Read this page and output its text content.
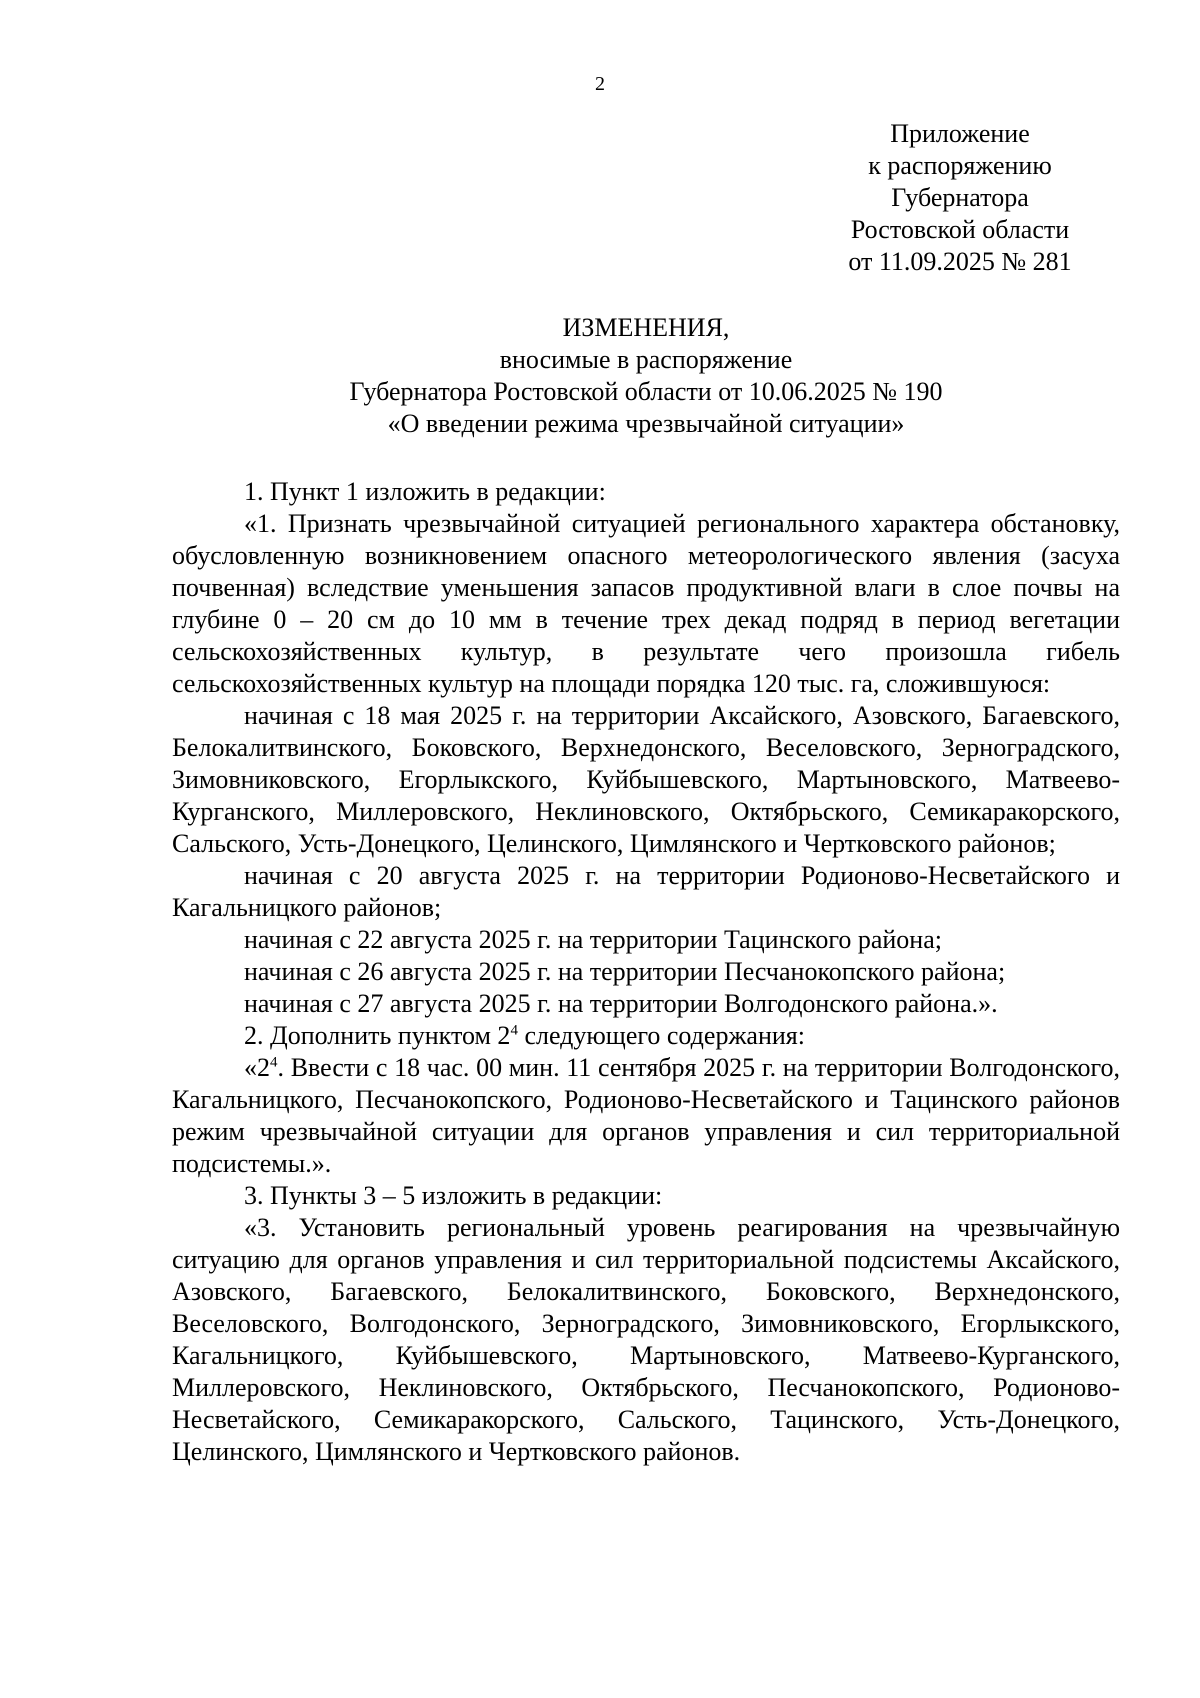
2
Приложение
к распоряжению
Губернатора
Ростовской области
от 11.09.2025 № 281
ИЗМЕНЕНИЯ,
вносимые в распоряжение
Губернатора Ростовской области от 10.06.2025 № 190
«О введении режима чрезвычайной ситуации»

1. Пункт 1 изложить в редакции:

«1. Признать чрезвычайной ситуацией регионального характера обстановку, обусловленную возникновением опасного метеорологического явления (засуха почвенная) вследствие уменьшения запасов продуктивной влаги в слое почвы на глубине 0 – 20 см до 10 мм в течение трех декад подряд в период вегетации сельскохозяйственных культур, в результате чего произошла гибель сельскохозяйственных культур на площади порядка 120 тыс. га, сложившуюся:

начиная с 18 мая 2025 г. на территории Аксайского, Азовского, Багаевского, Белокалитвинского, Боковского, Верхнедонского, Веселовского, Зерноградского, Зимовниковского, Егорлыкского, Куйбышевского, Мартыновского, Матвеево-Курганского, Миллеровского, Неклиновского, Октябрьского, Семикаракорского, Сальского, Усть-Донецкого, Целинского, Цимлянского и Чертковского районов;

начиная с 20 августа 2025 г. на территории Родионово-Несветайского и Кагальницкого районов;

начиная с 22 августа 2025 г. на территории Тацинского района;

начиная с 26 августа 2025 г. на территории Песчанокопского района;

начиная с 27 августа 2025 г. на территории Волгодонского района.».

2. Дополнить пунктом $2^4$ следующего содержания:

«$2^4$. Ввести с 18 час. 00 мин. 11 сентября 2025 г. на территории Волгодонского, Кагальницкого, Песчанокопского, Родионово-Несветайского и Тацинского районов режим чрезвычайной ситуации для органов управления и сил территориальной подсистемы.».

3. Пункты 3 – 5 изложить в редакции:

«3. Установить региональный уровень реагирования на чрезвычайную ситуацию для органов управления и сил территориальной подсистемы Аксайского, Азовского, Багаевского, Белокалитвинского, Боковского, Верхнедонского, Веселовского, Волгодонского, Зерноградского, Зимовниковского, Егорлыкского, Кагальницкого, Куйбышевского, Мартыновского, Матвеево-Курганского, Миллеровского, Неклиновского, Октябрьского, Песчанокопского, Родионово-Несветайского, Семикаракорского, Сальского, Тацинского, Усть-Донецкого, Целинского, Цимлянского и Чертковского районов.
